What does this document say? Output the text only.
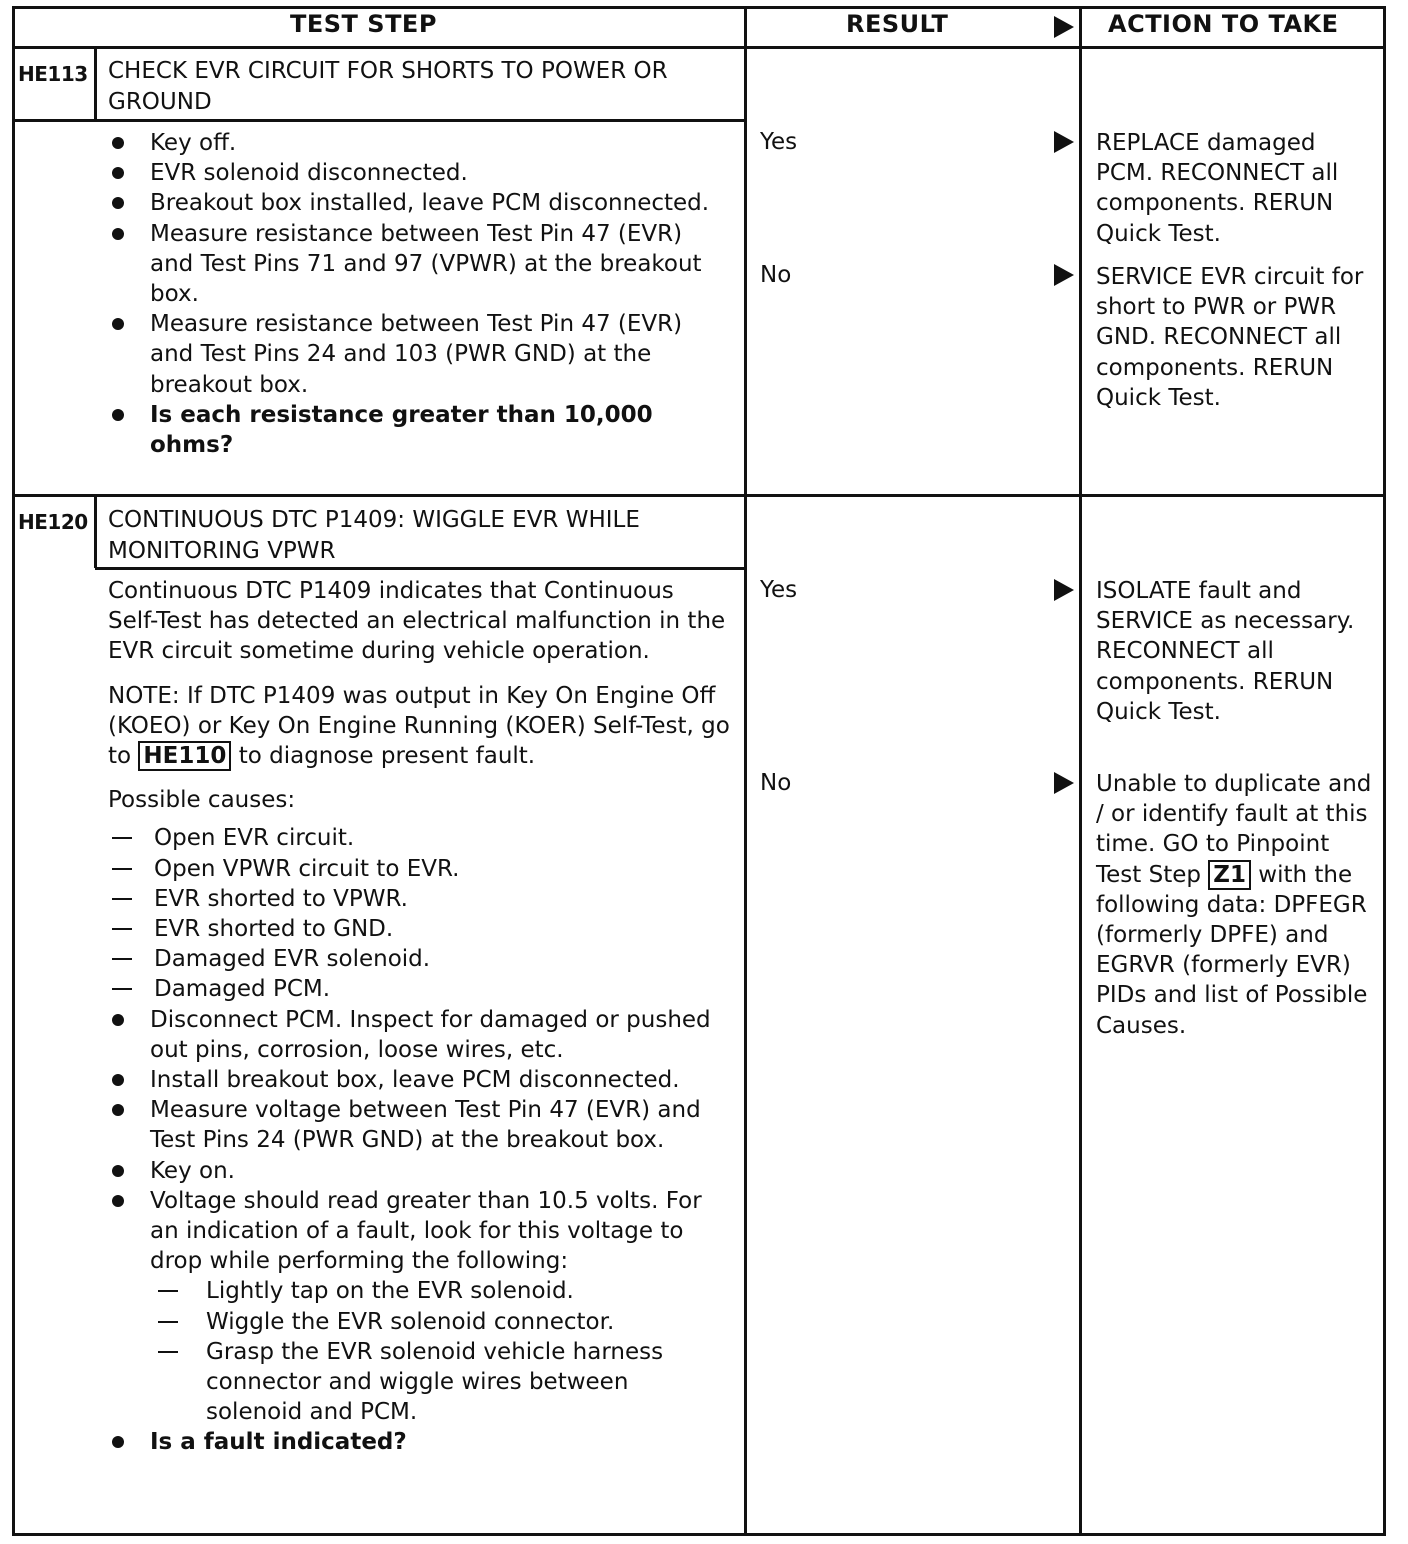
TEST STEP	RESULT	ACTION TO TAKE
HE113 CHECK EVR CIRCUIT FOR SHORTS TO POWER OR GROUND
Key off.
EVR solenoid disconnected.
Breakout box installed, leave PCM disconnected.
Measure resistance between Test Pin 47 (EVR) and Test Pins 71 and 97 (VPWR) at the breakout box.
Measure resistance between Test Pin 47 (EVR) and Test Pins 24 and 103 (PWR GND) at the breakout box.
Is each resistance greater than 10,000 ohms?
Yes	REPLACE damaged PCM. RECONNECT all components. RERUN Quick Test.
No	SERVICE EVR circuit for short to PWR or PWR GND. RECONNECT all components. RERUN Quick Test.
HE120 CONTINUOUS DTC P1409: WIGGLE EVR WHILE MONITORING VPWR

Continuous DTC P1409 indicates that Continuous Self-Test has detected an electrical malfunction in the EVR circuit sometime during vehicle operation.

NOTE: If DTC P1409 was output in Key On Engine Off (KOEO) or Key On Engine Running (KOER) Self-Test, go to HE110 to diagnose present fault.

Possible causes:

Open EVR circuit.
Open VPWR circuit to EVR.
EVR shorted to VPWR.
EVR shorted to GND.
Damaged EVR solenoid.
Damaged PCM.
Disconnect PCM. Inspect for damaged or pushed out pins, corrosion, loose wires, etc.
Install breakout box, leave PCM disconnected.
Measure voltage between Test Pin 47 (EVR) and Test Pins 24 (PWR GND) at the breakout box.
Key on.
Voltage should read greater than 10.5 volts. For an indication of a fault, look for this voltage to drop while performing the following:
Lightly tap on the EVR solenoid.
Wiggle the EVR solenoid connector.
Grasp the EVR solenoid vehicle harness connector and wiggle wires between solenoid and PCM.
Is a fault indicated?
Yes	ISOLATE fault and SERVICE as necessary. RECONNECT all components. RERUN Quick Test.
No	Unable to duplicate and / or identify fault at this time. GO to Pinpoint Test Step Z1 with the following data: DPFEGR (formerly DPFE) and EGRVR (formerly EVR) PIDs and list of Possible Causes.
